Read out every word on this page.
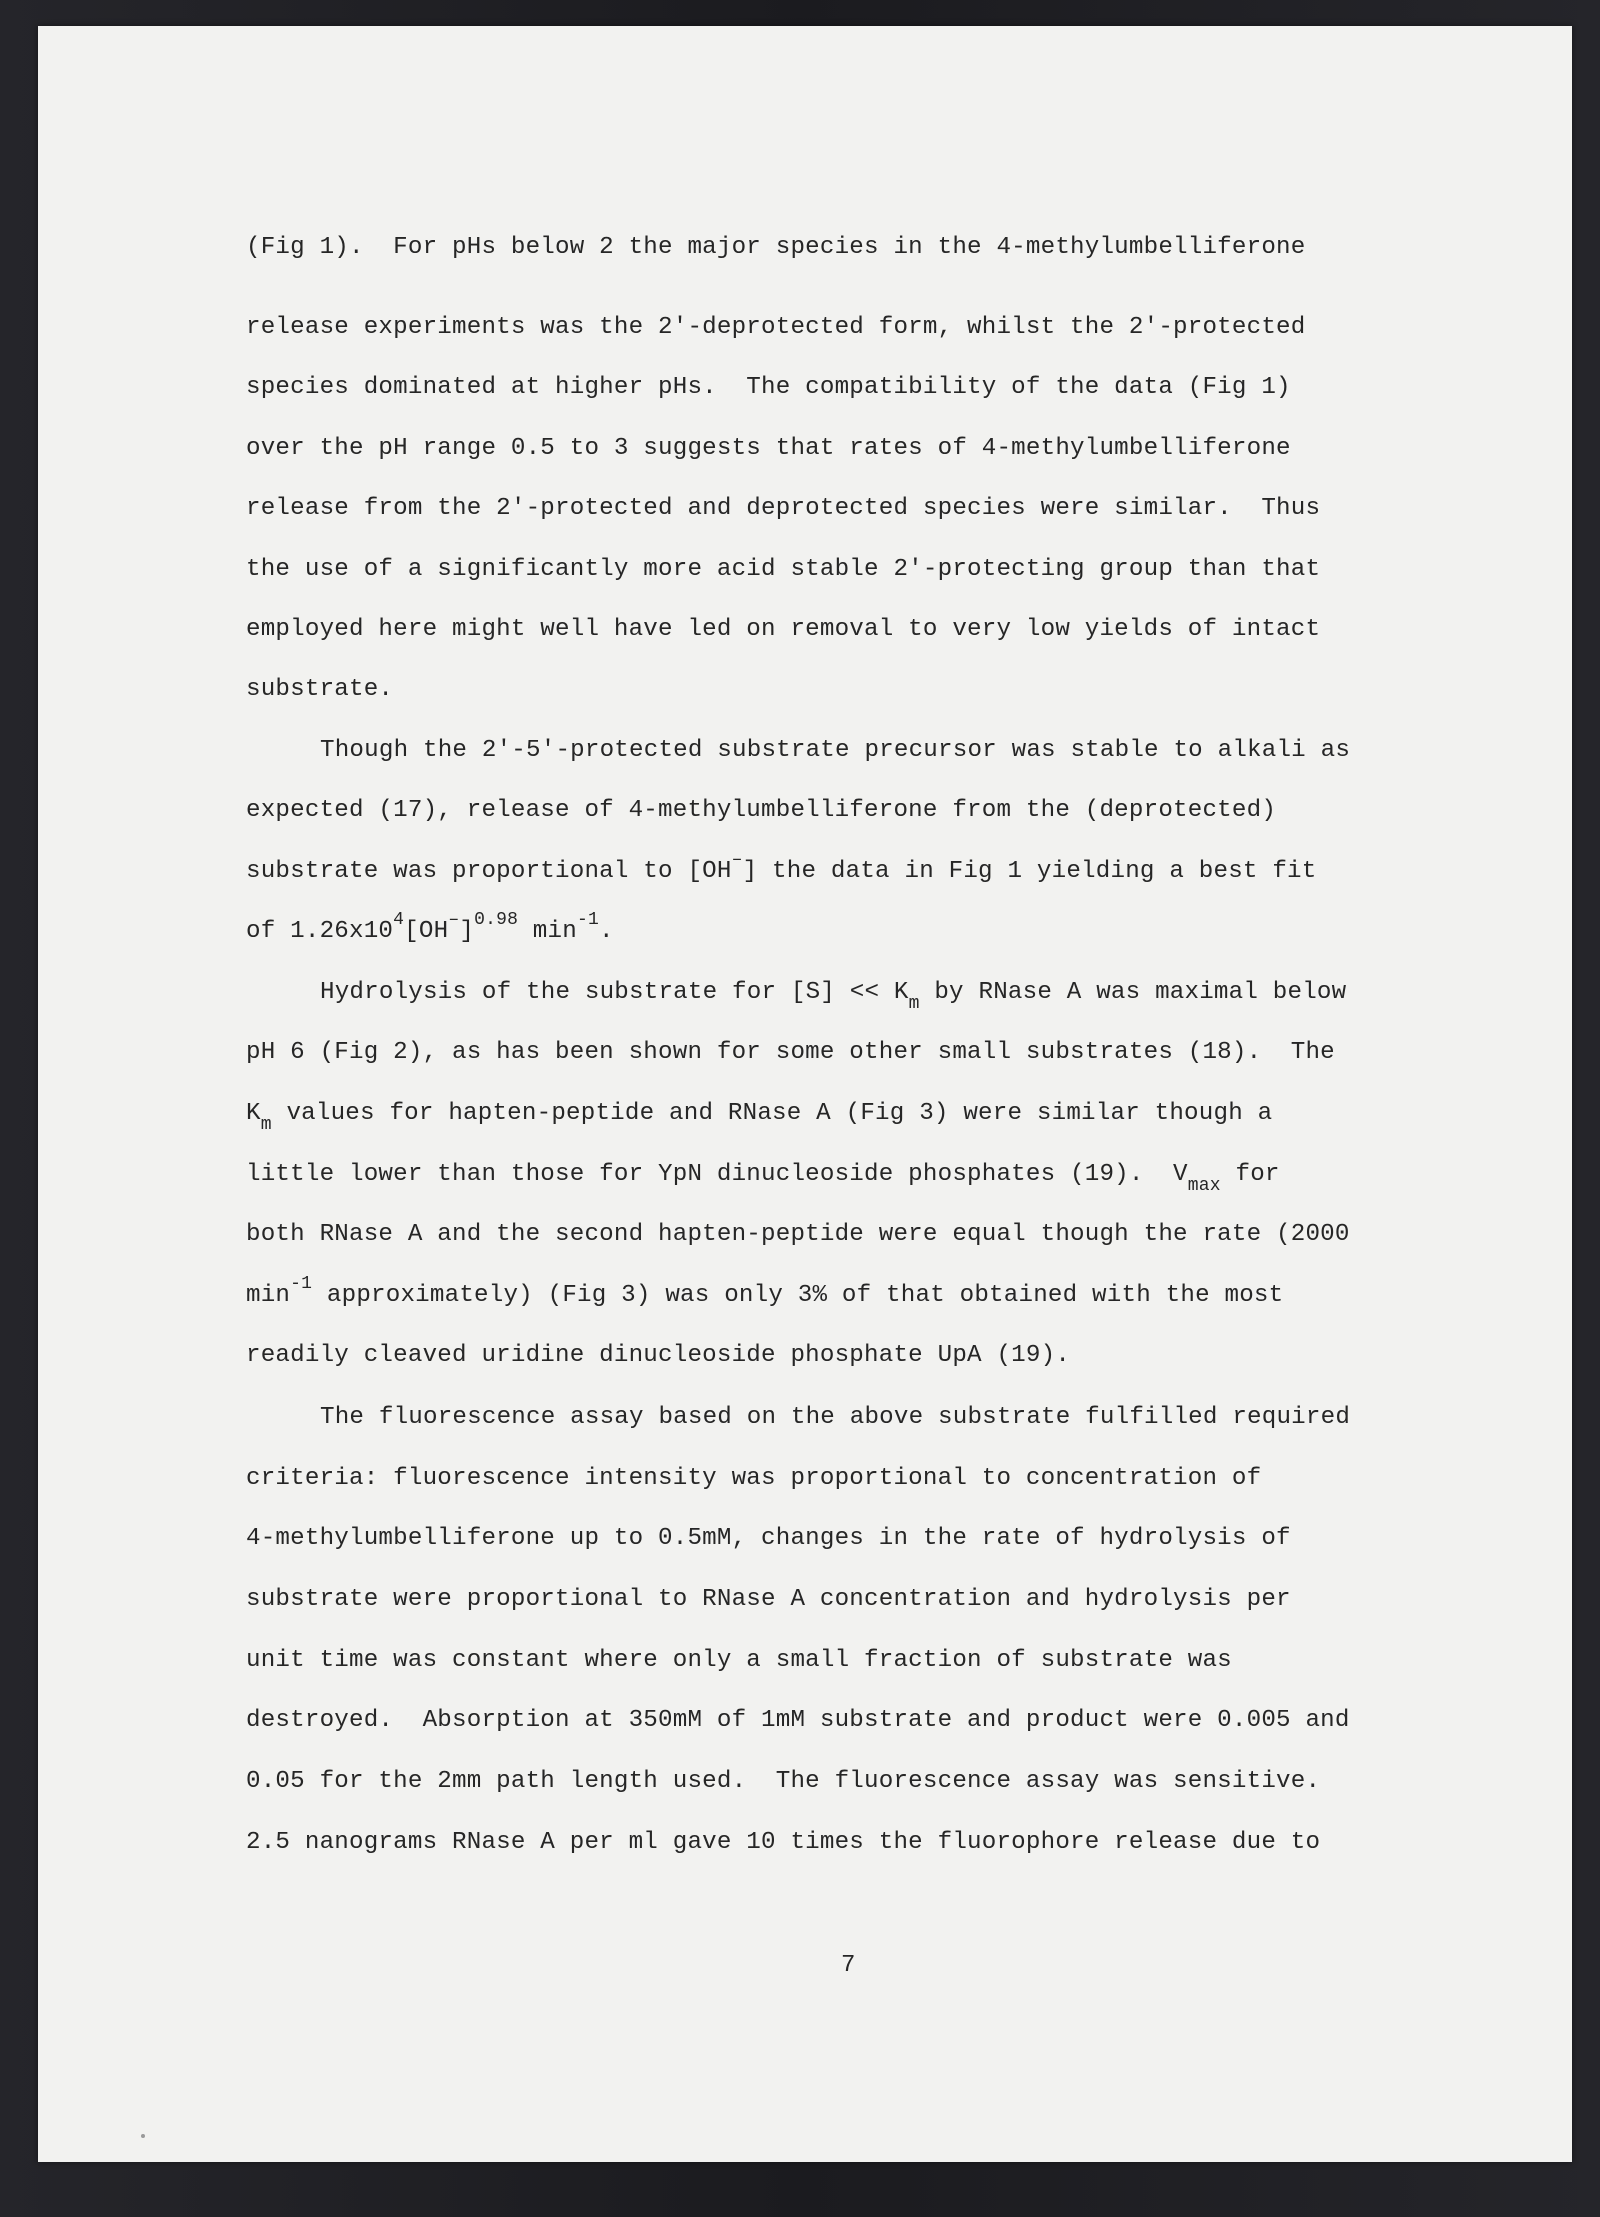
(Fig 1).  For pHs below 2 the major species in the 4-methylumbelliferone

release experiments was the 2'-deprotected form, whilst the 2'-protected

species dominated at higher pHs.  The compatibility of the data (Fig 1)

over the pH range 0.5 to 3 suggests that rates of 4-methylumbelliferone

release from the 2'-protected and deprotected species were similar.  Thus

the use of a significantly more acid stable 2'-protecting group than that

employed here might well have led on removal to very low yields of intact

substrate.

Though the 2'-5'-protected substrate precursor was stable to alkali as

expected (17), release of 4-methylumbelliferone from the (deprotected)

substrate was proportional to [OH–] the data in Fig 1 yielding a best fit

of $1.26x10^4[OH^-]^{0.98}$ $\min^{-1}$.

Hydrolysis of the substrate for $[S] << K_m$ by RNase A was maximal below

pH 6 (Fig 2), as has been shown for some other small substrates (18).  The

$K_m$ values for hapten-peptide and RNase A (Fig 3) were similar though a

little lower than those for YpN dinucleoside phosphates (19).  $V_{max}$ for

both RNase A and the second hapten-peptide were equal though the rate (2000

$\min^{-1}$ approximately) (Fig 3) was only 3% of that obtained with the most

readily cleaved uridine dinucleoside phosphate UpA (19).

The fluorescence assay based on the above substrate fulfilled required

criteria: fluorescence intensity was proportional to concentration of

4-methylumbelliferone up to 0.5mM, changes in the rate of hydrolysis of

substrate were proportional to RNase A concentration and hydrolysis per

unit time was constant where only a small fraction of substrate was

destroyed.  Absorption at 350mM of 1mM substrate and product were 0.005 and

0.05 for the 2mm path length used.  The fluorescence assay was sensitive.

2.5 nanograms RNase A per ml gave 10 times the fluorophore release due to

7
